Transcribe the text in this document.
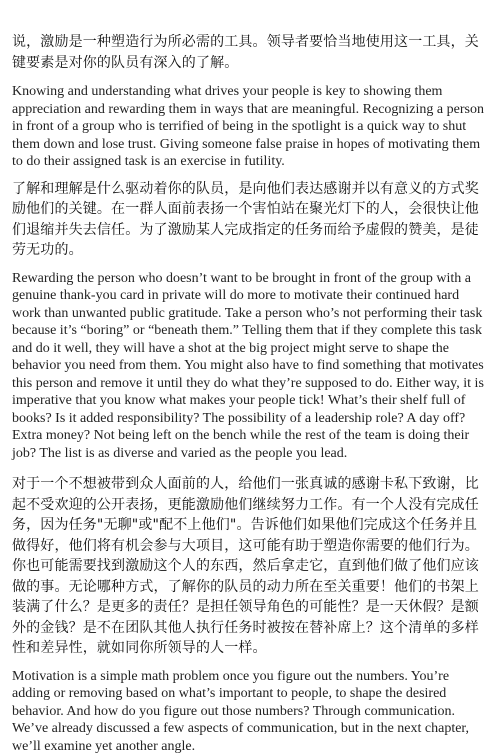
说，激励是一种塑造行为所必需的工具。领导者要恰当地使用这一工具，关键要素是对你的队员有深入的了解。

Knowing and understanding what drives your people is key to showing them appreciation and rewarding them in ways that are meaningful. Recognizing a person in front of a group who is terrified of being in the spotlight is a quick way to shut them down and lose trust. Giving someone false praise in hopes of motivating them to do their assigned task is an exercise in futility.

了解和理解是什么驱动着你的队员，是向他们表达感谢并以有意义的方式奖励他们的关键。在一群人面前表扬一个害怕站在聚光灯下的人，会很快让他们退缩并失去信任。为了激励某人完成指定的任务而给予虚假的赞美，是徒劳无功的。

Rewarding the person who doesn’t want to be brought in front of the group with a genuine thank-you card in private will do more to motivate their continued hard work than unwanted public gratitude. Take a person who’s not performing their task because it’s “boring” or “beneath them.” Telling them that if they complete this task and do it well, they will have a shot at the big project might serve to shape the behavior you need from them. You might also have to find something that motivates this person and remove it until they do what they’re supposed to do. Either way, it is imperative that you know what makes your people tick! What’s their shelf full of books? Is it added responsibility? The possibility of a leadership role? A day off? Extra money? Not being left on the bench while the rest of the team is doing their job? The list is as diverse and varied as the people you lead.

对于一个不想被带到众人面前的人，给他们一张真诚的感谢卡私下致谢，比起不受欢迎的公开表扬，更能激励他们继续努力工作。有一个人没有完成任务，因为任务"无聊"或"配不上他们"。告诉他们如果他们完成这个任务并且做得好，他们将有机会参与大项目，这可能有助于塑造你需要的他们行为。你也可能需要找到激励这个人的东西，然后拿走它，直到他们做了他们应该做的事。无论哪种方式，了解你的队员的动力所在至关重要！他们的书架上装满了什么？是更多的责任？是担任领导角色的可能性？是一天休假？是额外的金钱？是不在团队其他人执行任务时被按在替补席上？这个清单的多样性和差异性，就如同你所领导的人一样。

Motivation is a simple math problem once you figure out the numbers. You’re adding or removing based on what’s important to people, to shape the desired behavior. And how do you figure out those numbers? Through communication. We’ve already discussed a few aspects of communication, but in the next chapter, we’ll examine yet another angle.
